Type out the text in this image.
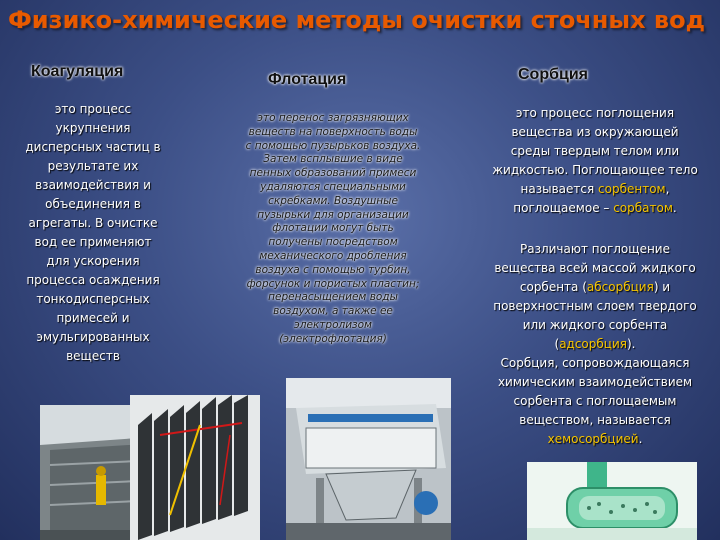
Физико-химические методы очистки сточных вод
Коагуляция	Флотация	Сорбция
это процесс
укрупнения
дисперсных частиц в
результате их
взаимодействия и
объединения в
агрегаты. В очистке
вод ее применяют
для ускорения
процесса осаждения
тонкодисперсных
примесей и
эмульгированных
веществ
это перенос загрязняющих
веществ на поверхность воды
с помощью пузырьков воздуха.
Затем всплывшие в виде
пенных образований примеси
удаляются специальными
скребками. Воздушные
пузырьки для организации
флотации могут быть
получены посредством
механического дробления
воздуха с помощью турбин,
форсунок и пористых пластин;
перенасыщением воды
воздухом, а также ее
электролизом
(электрофлотация)

это процесс поглощения

вещества из окружающей

среды твердым телом или

жидкостью. Поглощающее тело

называется сорбентом,

поглощаемое – сорбатом.

Различают поглощение

вещества всей массой жидкого

сорбента (абсорбция) и

поверхностным слоем твердого

или жидкого сорбента

(адсорбция).

Сорбция, сопровождающаяся

химическим взаимодействием

сорбента с поглощаемым

веществом, называется

хемосорбцией.
